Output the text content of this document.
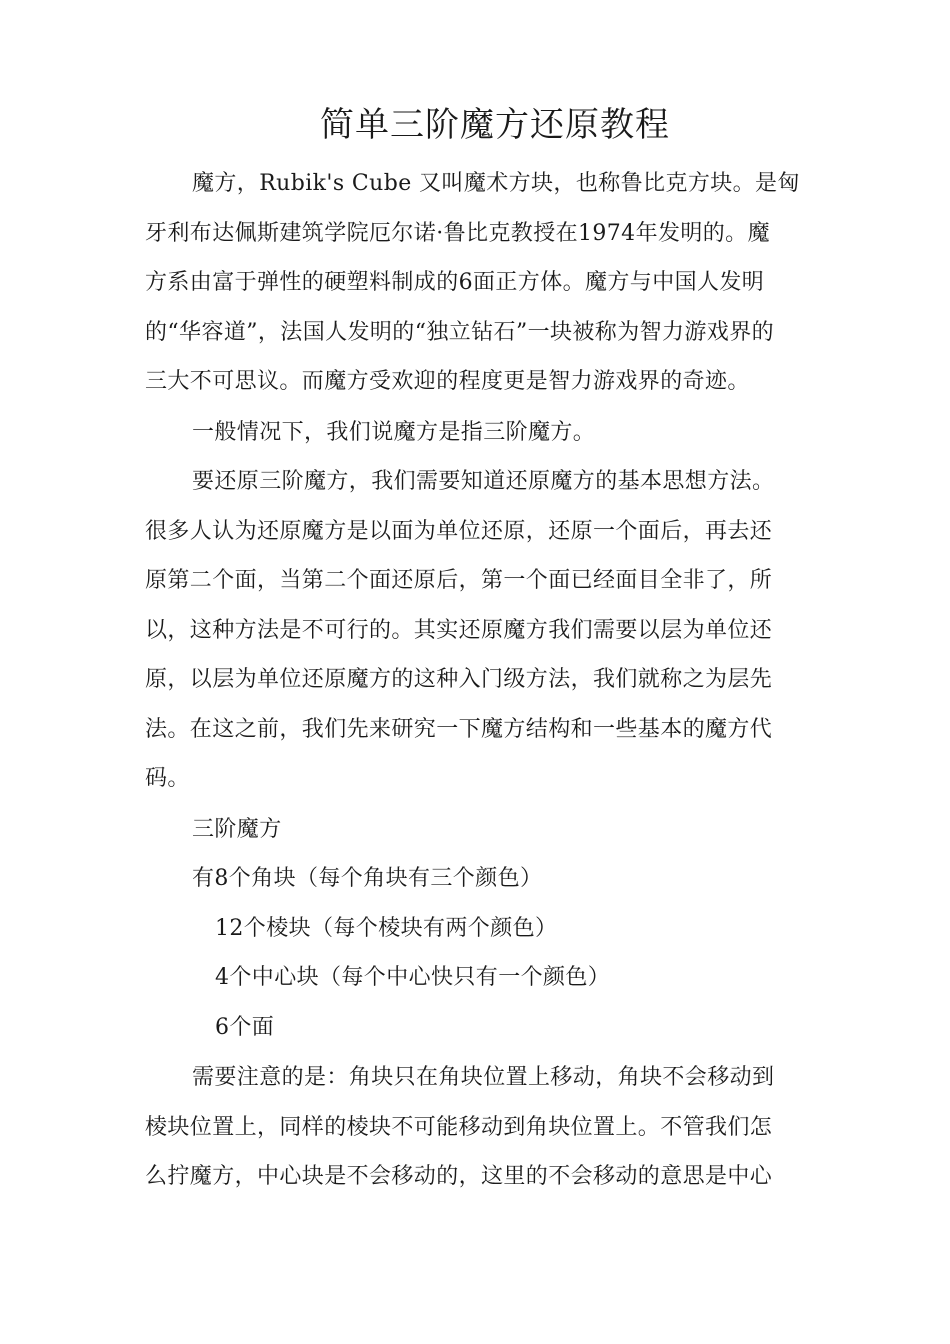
简单三阶魔方还原教程
魔方，Rubik's Cube 又叫魔术方块，也称鲁比克方块。是匈
牙利布达佩斯建筑学院厄尔诺·鲁比克教授在1974年发明的。魔
方系由富于弹性的硬塑料制成的6面正方体。魔方与中国人发明
的“华容道”，法国人发明的“独立钻石”一块被称为智力游戏界的
三大不可思议。而魔方受欢迎的程度更是智力游戏界的奇迹。
一般情况下，我们说魔方是指三阶魔方。
要还原三阶魔方，我们需要知道还原魔方的基本思想方法。
很多人认为还原魔方是以面为单位还原，还原一个面后，再去还
原第二个面，当第二个面还原后，第一个面已经面目全非了，所
以，这种方法是不可行的。其实还原魔方我们需要以层为单位还
原，以层为单位还原魔方的这种入门级方法，我们就称之为层先
法。在这之前，我们先来研究一下魔方结构和一些基本的魔方代
码。
三阶魔方
有8个角块（每个角块有三个颜色）
12个棱块（每个棱块有两个颜色）
4个中心块（每个中心快只有一个颜色）
6个面
需要注意的是：角块只在角块位置上移动，角块不会移动到
棱块位置上，同样的棱块不可能移动到角块位置上。不管我们怎
么拧魔方，中心块是不会移动的，这里的不会移动的意思是中心
